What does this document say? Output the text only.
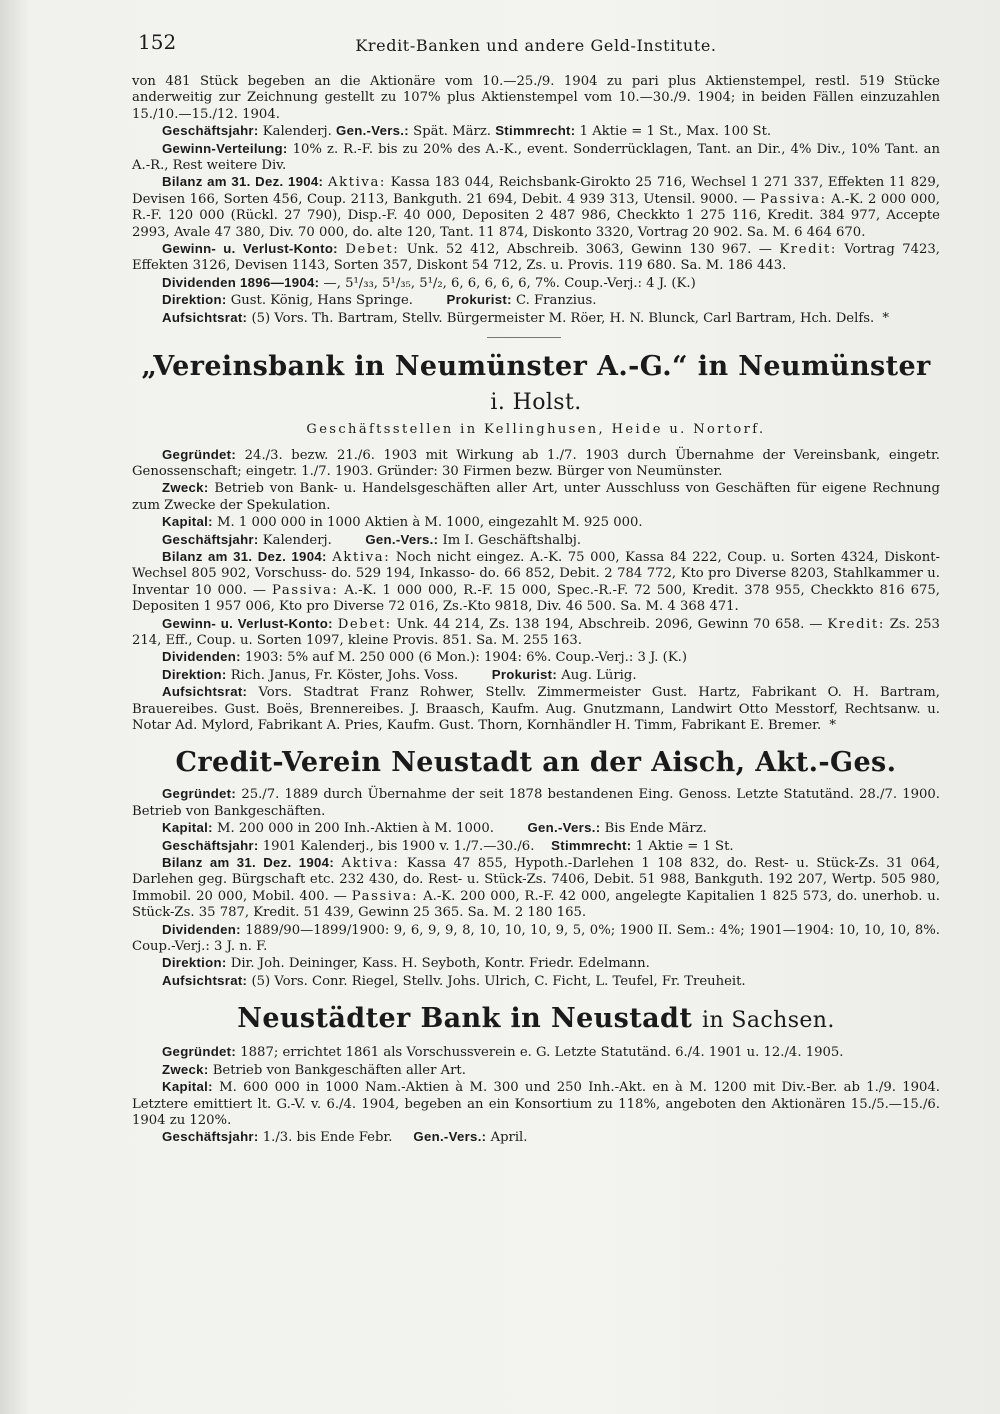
152	Kredit-Banken und andere Geld-Institute.

von 481 Stück begeben an die Aktionäre vom 10.—25./9. 1904 zu pari plus Aktienstempel, restl. 519 Stücke anderweitig zur Zeichnung gestellt zu 107% plus Aktienstempel vom 10.—30./9. 1904; in beiden Fällen einzuzahlen 15./10.—15./12. 1904.

Geschäftsjahr: Kalenderj. Gen.-Vers.: Spät. März. Stimmrecht: 1 Aktie = 1 St., Max. 100 St.

Gewinn-Verteilung: 10% z. R.-F. bis zu 20% des A.-K., event. Sonderrücklagen, Tant. an Dir., 4% Div., 10% Tant. an A.-R., Rest weitere Div.

Bilanz am 31. Dez. 1904: Aktiva: Kassa 183 044, Reichsbank-Girokto 25 716, Wechsel 1 271 337, Effekten 11 829, Devisen 166, Sorten 456, Coup. 2113, Bankguth. 21 694, Debit. 4 939 313, Utensil. 9000. — Passiva: A.-K. 2 000 000, R.-F. 120 000 (Rückl. 27 790), Disp.-F. 40 000, Depositen 2 487 986, Checkkto 1 275 116, Kredit. 384 977, Accepte 2993, Avale 47 380, Div. 70 000, do. alte 120, Tant. 11 874, Diskonto 3320, Vortrag 20 902. Sa. M. 6 464 670.

Gewinn- u. Verlust-Konto: Debet: Unk. 52 412, Abschreib. 3063, Gewinn 130 967. — Kredit: Vortrag 7423, Effekten 3126, Devisen 1143, Sorten 357, Diskont 54 712, Zs. u. Provis. 119 680. Sa. M. 186 443.

Dividenden 1896—1904: —, 5¹/₃₃, 5¹/₃₅, 5¹/₂, 6, 6, 6, 6, 6, 7%. Coup.-Verj.: 4 J. (K.)

Direktion: Gust. König, Hans Springe.	Prokurist: C. Franzius.

Aufsichtsrat: (5) Vors. Th. Bartram, Stellv. Bürgermeister M. Röer, H. N. Blunck, Carl Bartram, Hch. Delfs. *

„Vereinsbank in Neumünster A.-G.“ in Neumünster i. Holst.
Geschäftsstellen in Kellinghusen, Heide u. Nortorf.

Gegründet: 24./3. bezw. 21./6. 1903 mit Wirkung ab 1./7. 1903 durch Übernahme der Vereinsbank, eingetr. Genossenschaft; eingetr. 1./7. 1903. Gründer: 30 Firmen bezw. Bürger von Neumünster.

Zweck: Betrieb von Bank- u. Handelsgeschäften aller Art, unter Ausschluss von Geschäften für eigene Rechnung zum Zwecke der Spekulation.

Kapital: M. 1 000 000 in 1000 Aktien à M. 1000, eingezahlt M. 925 000.

Geschäftsjahr: Kalenderj.	Gen.-Vers.: Im I. Geschäftshalbj.

Bilanz am 31. Dez. 1904: Aktiva: Noch nicht eingez. A.-K. 75 000, Kassa 84 222, Coup. u. Sorten 4324, Diskont-Wechsel 805 902, Vorschuss- do. 529 194, Inkasso- do. 66 852, Debit. 2 784 772, Kto pro Diverse 8203, Stahlkammer u. Inventar 10 000. — Passiva: A.-K. 1 000 000, R.-F. 15 000, Spec.-R.-F. 72 500, Kredit. 378 955, Checkkto 816 675, Depositen 1 957 006, Kto pro Diverse 72 016, Zs.-Kto 9818, Div. 46 500. Sa. M. 4 368 471.

Gewinn- u. Verlust-Konto: Debet: Unk. 44 214, Zs. 138 194, Abschreib. 2096, Gewinn 70 658. — Kredit: Zs. 253 214, Eff., Coup. u. Sorten 1097, kleine Provis. 851. Sa. M. 255 163.

Dividenden: 1903: 5% auf M. 250 000 (6 Mon.): 1904: 6%. Coup.-Verj.: 3 J. (K.)

Direktion: Rich. Janus, Fr. Köster, Johs. Voss.	Prokurist: Aug. Lürig.

Aufsichtsrat: Vors. Stadtrat Franz Rohwer, Stellv. Zimmermeister Gust. Hartz, Fabrikant O. H. Bartram, Brauereibes. Gust. Boës, Brennereibes. J. Braasch, Kaufm. Aug. Gnutzmann, Landwirt Otto Messtorf, Rechtsanw. u. Notar Ad. Mylord, Fabrikant A. Pries, Kaufm. Gust. Thorn, Kornhändler H. Timm, Fabrikant E. Bremer. *

Credit-Verein Neustadt an der Aisch, Akt.-Ges.

Gegründet: 25./7. 1889 durch Übernahme der seit 1878 bestandenen Eing. Genoss. Letzte Statutänd. 28./7. 1900. Betrieb von Bankgeschäften.

Kapital: M. 200 000 in 200 Inh.-Aktien à M. 1000.	Gen.-Vers.: Bis Ende März.

Geschäftsjahr: 1901 Kalenderj., bis 1900 v. 1./7.—30./6. Stimmrecht: 1 Aktie = 1 St.

Bilanz am 31. Dez. 1904: Aktiva: Kassa 47 855, Hypoth.-Darlehen 1 108 832, do. Rest- u. Stück-Zs. 31 064, Darlehen geg. Bürgschaft etc. 232 430, do. Rest- u. Stück-Zs. 7406, Debit. 51 988, Bankguth. 192 207, Wertp. 505 980, Immobil. 20 000, Mobil. 400. — Passiva: A.-K. 200 000, R.-F. 42 000, angelegte Kapitalien 1 825 573, do. unerhob. u. Stück-Zs. 35 787, Kredit. 51 439, Gewinn 25 365. Sa. M. 2 180 165.

Dividenden: 1889/90—1899/1900: 9, 6, 9, 9, 8, 10, 10, 10, 9, 5, 0%; 1900 II. Sem.: 4%; 1901—1904: 10, 10, 10, 8%. Coup.-Verj.: 3 J. n. F.

Direktion: Dir. Joh. Deininger, Kass. H. Seyboth, Kontr. Friedr. Edelmann.

Aufsichtsrat: (5) Vors. Conr. Riegel, Stellv. Johs. Ulrich, C. Ficht, L. Teufel, Fr. Treuheit.

Neustädter Bank in Neustadt in Sachsen.

Gegründet: 1887; errichtet 1861 als Vorschussverein e. G. Letzte Statutänd. 6./4. 1901 u. 12./4. 1905.

Zweck: Betrieb von Bankgeschäften aller Art.

Kapital: M. 600 000 in 1000 Nam.-Aktien à M. 300 und 250 Inh.-Akt. en à M. 1200 mit Div.-Ber. ab 1./9. 1904. Letztere emittiert lt. G.-V. v. 6./4. 1904, begeben an ein Konsortium zu 118%, angeboten den Aktionären 15./5.—15./6. 1904 zu 120%.

Geschäftsjahr: 1./3. bis Ende Febr. Gen.-Vers.: April.
